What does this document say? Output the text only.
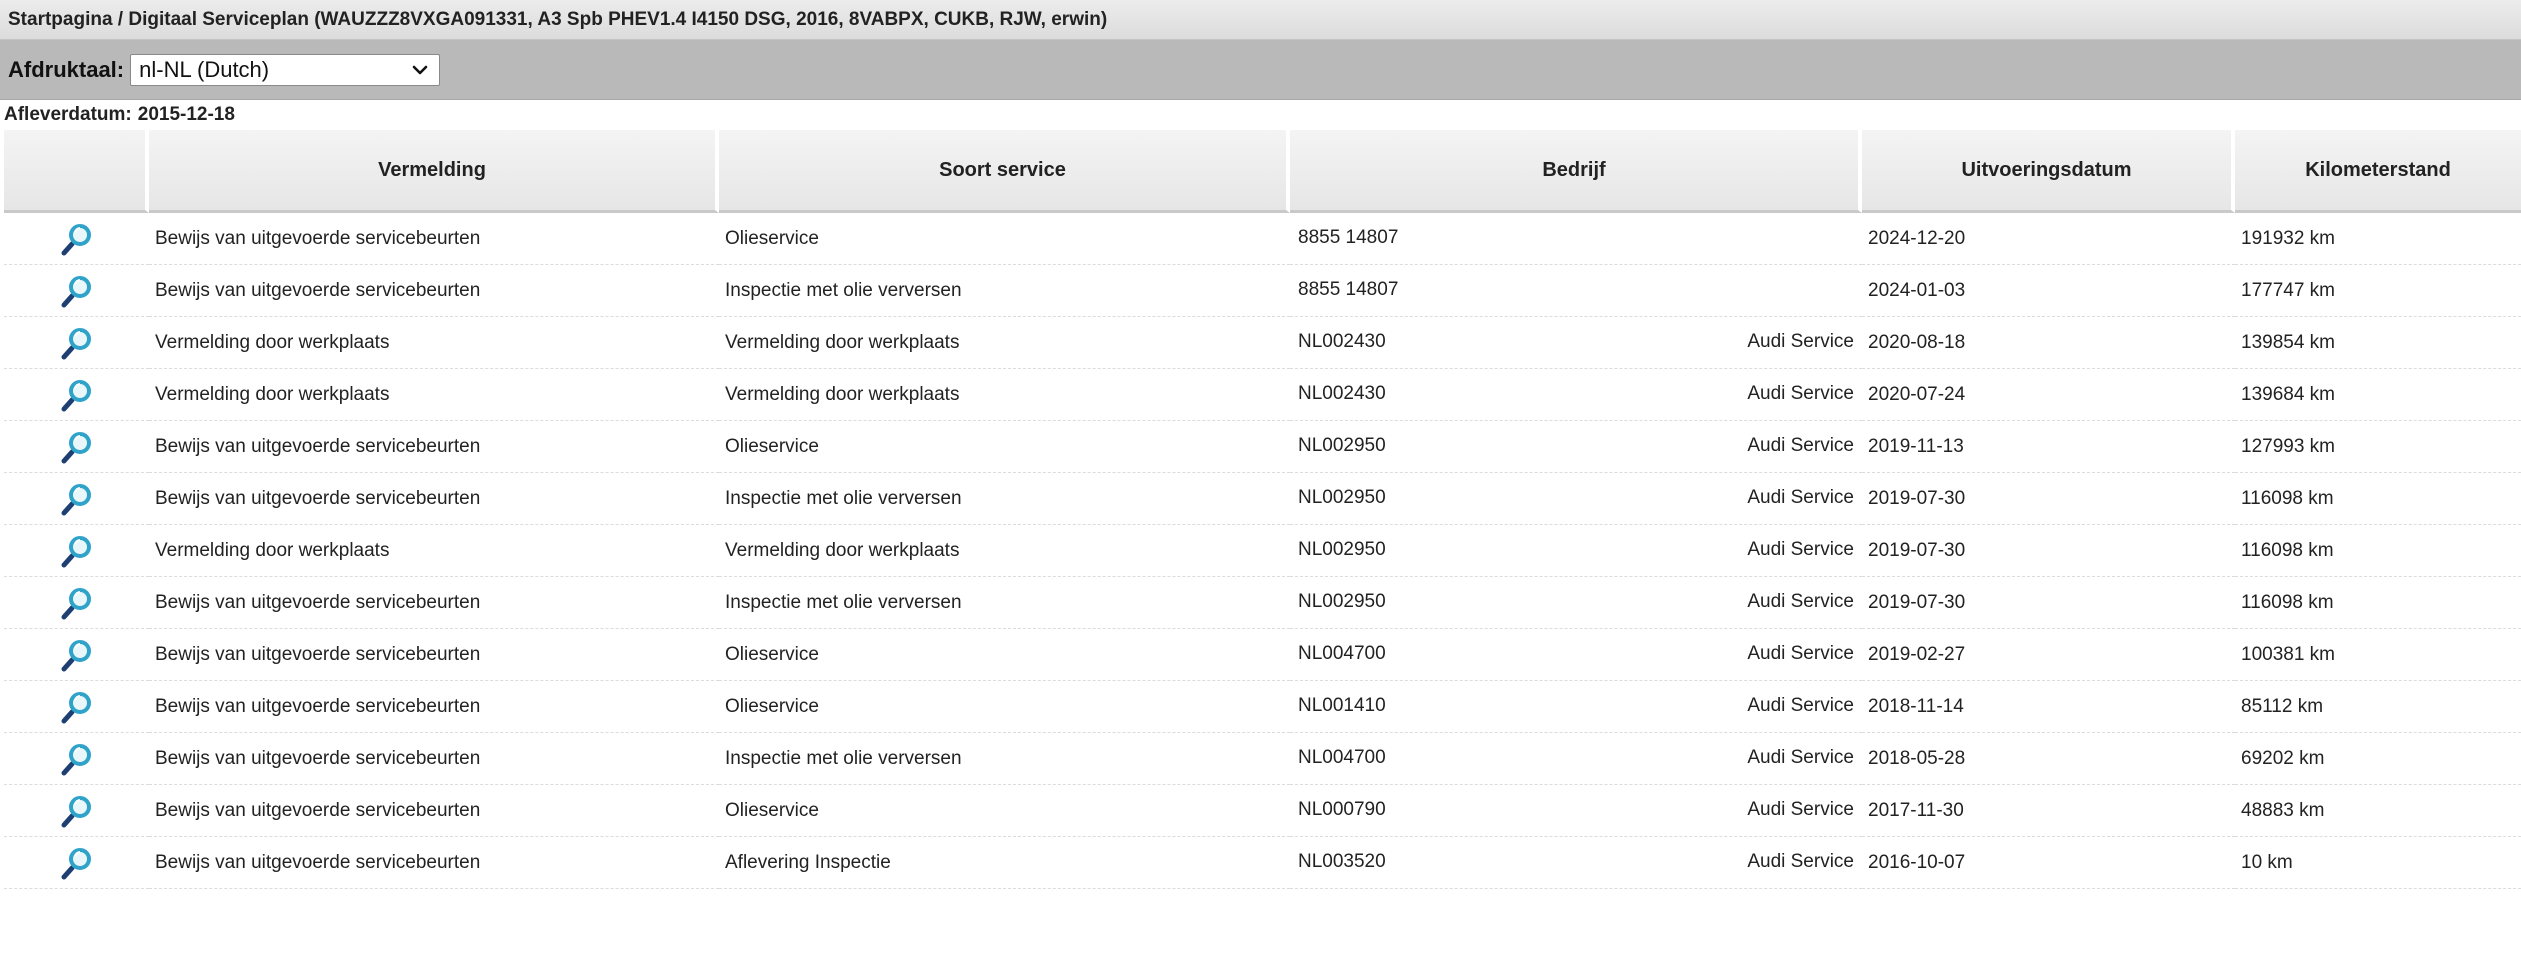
Startpagina / Digitaal Serviceplan (WAUZZZ8VXGA091331, A3 Spb PHEV1.4 I4150 DSG, 2016, 8VABPX, CUKB, RJW, erwin)
Afdruktaal: nl-NL (Dutch)
Afleverdatum: 2015-12-18
	Vermelding	Soort service	Bedrijf	Uitvoeringsdatum	Kilometerstand
	Bewijs van uitgevoerde servicebeurten	Olieservice	8855 14807	2024-12-20	191932 km
	Bewijs van uitgevoerde servicebeurten	Inspectie met olie verversen	8855 14807	2024-01-03	177747 km
	Vermelding door werkplaats	Vermelding door werkplaats	NL002430 Audi Service	2020-08-18	139854 km
	Vermelding door werkplaats	Vermelding door werkplaats	NL002430 Audi Service	2020-07-24	139684 km
	Bewijs van uitgevoerde servicebeurten	Olieservice	NL002950 Audi Service	2019-11-13	127993 km
	Bewijs van uitgevoerde servicebeurten	Inspectie met olie verversen	NL002950 Audi Service	2019-07-30	116098 km
	Vermelding door werkplaats	Vermelding door werkplaats	NL002950 Audi Service	2019-07-30	116098 km
	Bewijs van uitgevoerde servicebeurten	Inspectie met olie verversen	NL002950 Audi Service	2019-07-30	116098 km
	Bewijs van uitgevoerde servicebeurten	Olieservice	NL004700 Audi Service	2019-02-27	100381 km
	Bewijs van uitgevoerde servicebeurten	Olieservice	NL001410 Audi Service	2018-11-14	85112 km
	Bewijs van uitgevoerde servicebeurten	Inspectie met olie verversen	NL004700 Audi Service	2018-05-28	69202 km
	Bewijs van uitgevoerde servicebeurten	Olieservice	NL000790 Audi Service	2017-11-30	48883 km
	Bewijs van uitgevoerde servicebeurten	Aflevering Inspectie	NL003520 Audi Service	2016-10-07	10 km
